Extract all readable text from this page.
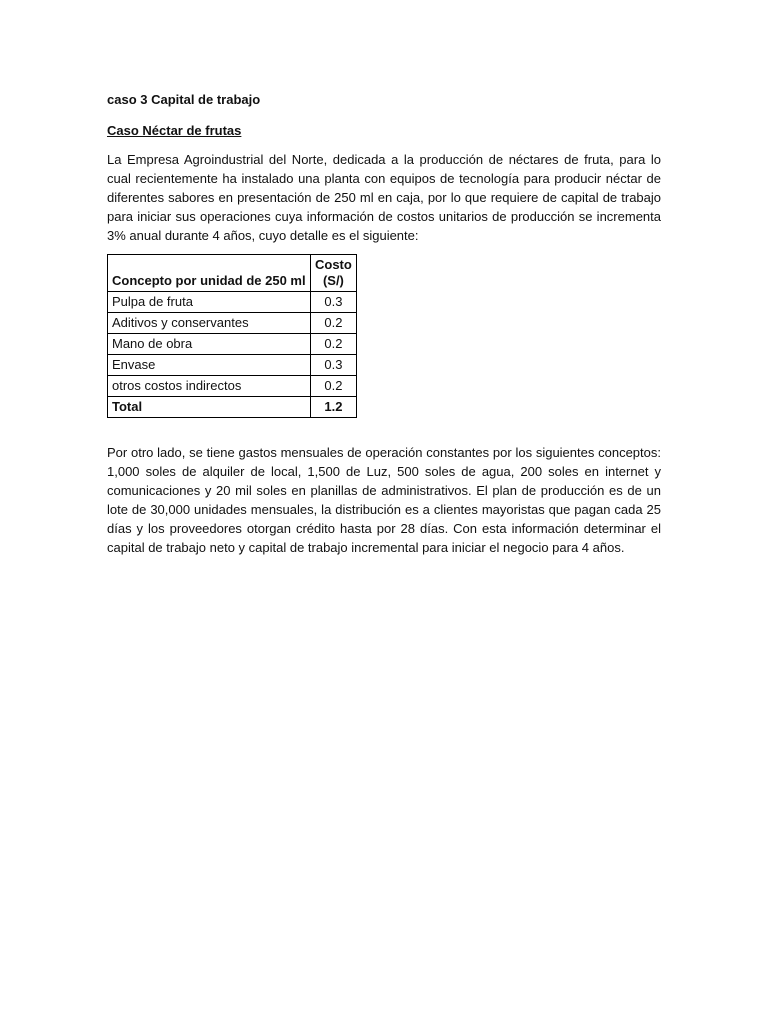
caso 3 Capital de trabajo

Caso Néctar de frutas

La Empresa Agroindustrial del Norte, dedicada a la producción de néctares de fruta, para lo cual recientemente ha instalado una planta con equipos de tecnología para producir néctar de diferentes sabores en presentación de 250 ml en caja, por lo que requiere de capital de trabajo para iniciar sus operaciones cuya información de costos unitarios de producción se incrementa 3% anual durante 4 años, cuyo detalle es el siguiente:

Concepto por unidad de 250 ml	Costo
(S/)
Pulpa de fruta	0.3
Aditivos y conservantes	0.2
Mano de obra	0.2
Envase	0.3
otros costos indirectos	0.2
Total	1.2

Por otro lado, se tiene gastos mensuales de operación constantes por los siguientes conceptos: 1,000 soles de alquiler de local, 1,500 de Luz, 500 soles de agua, 200 soles en internet y comunicaciones y 20 mil soles en planillas de administrativos. El plan de producción es de un lote de 30,000 unidades mensuales, la distribución es a clientes mayoristas que pagan cada 25 días y los proveedores otorgan crédito hasta por 28 días. Con esta información determinar el capital de trabajo neto y capital de trabajo incremental para iniciar el negocio para 4 años.
